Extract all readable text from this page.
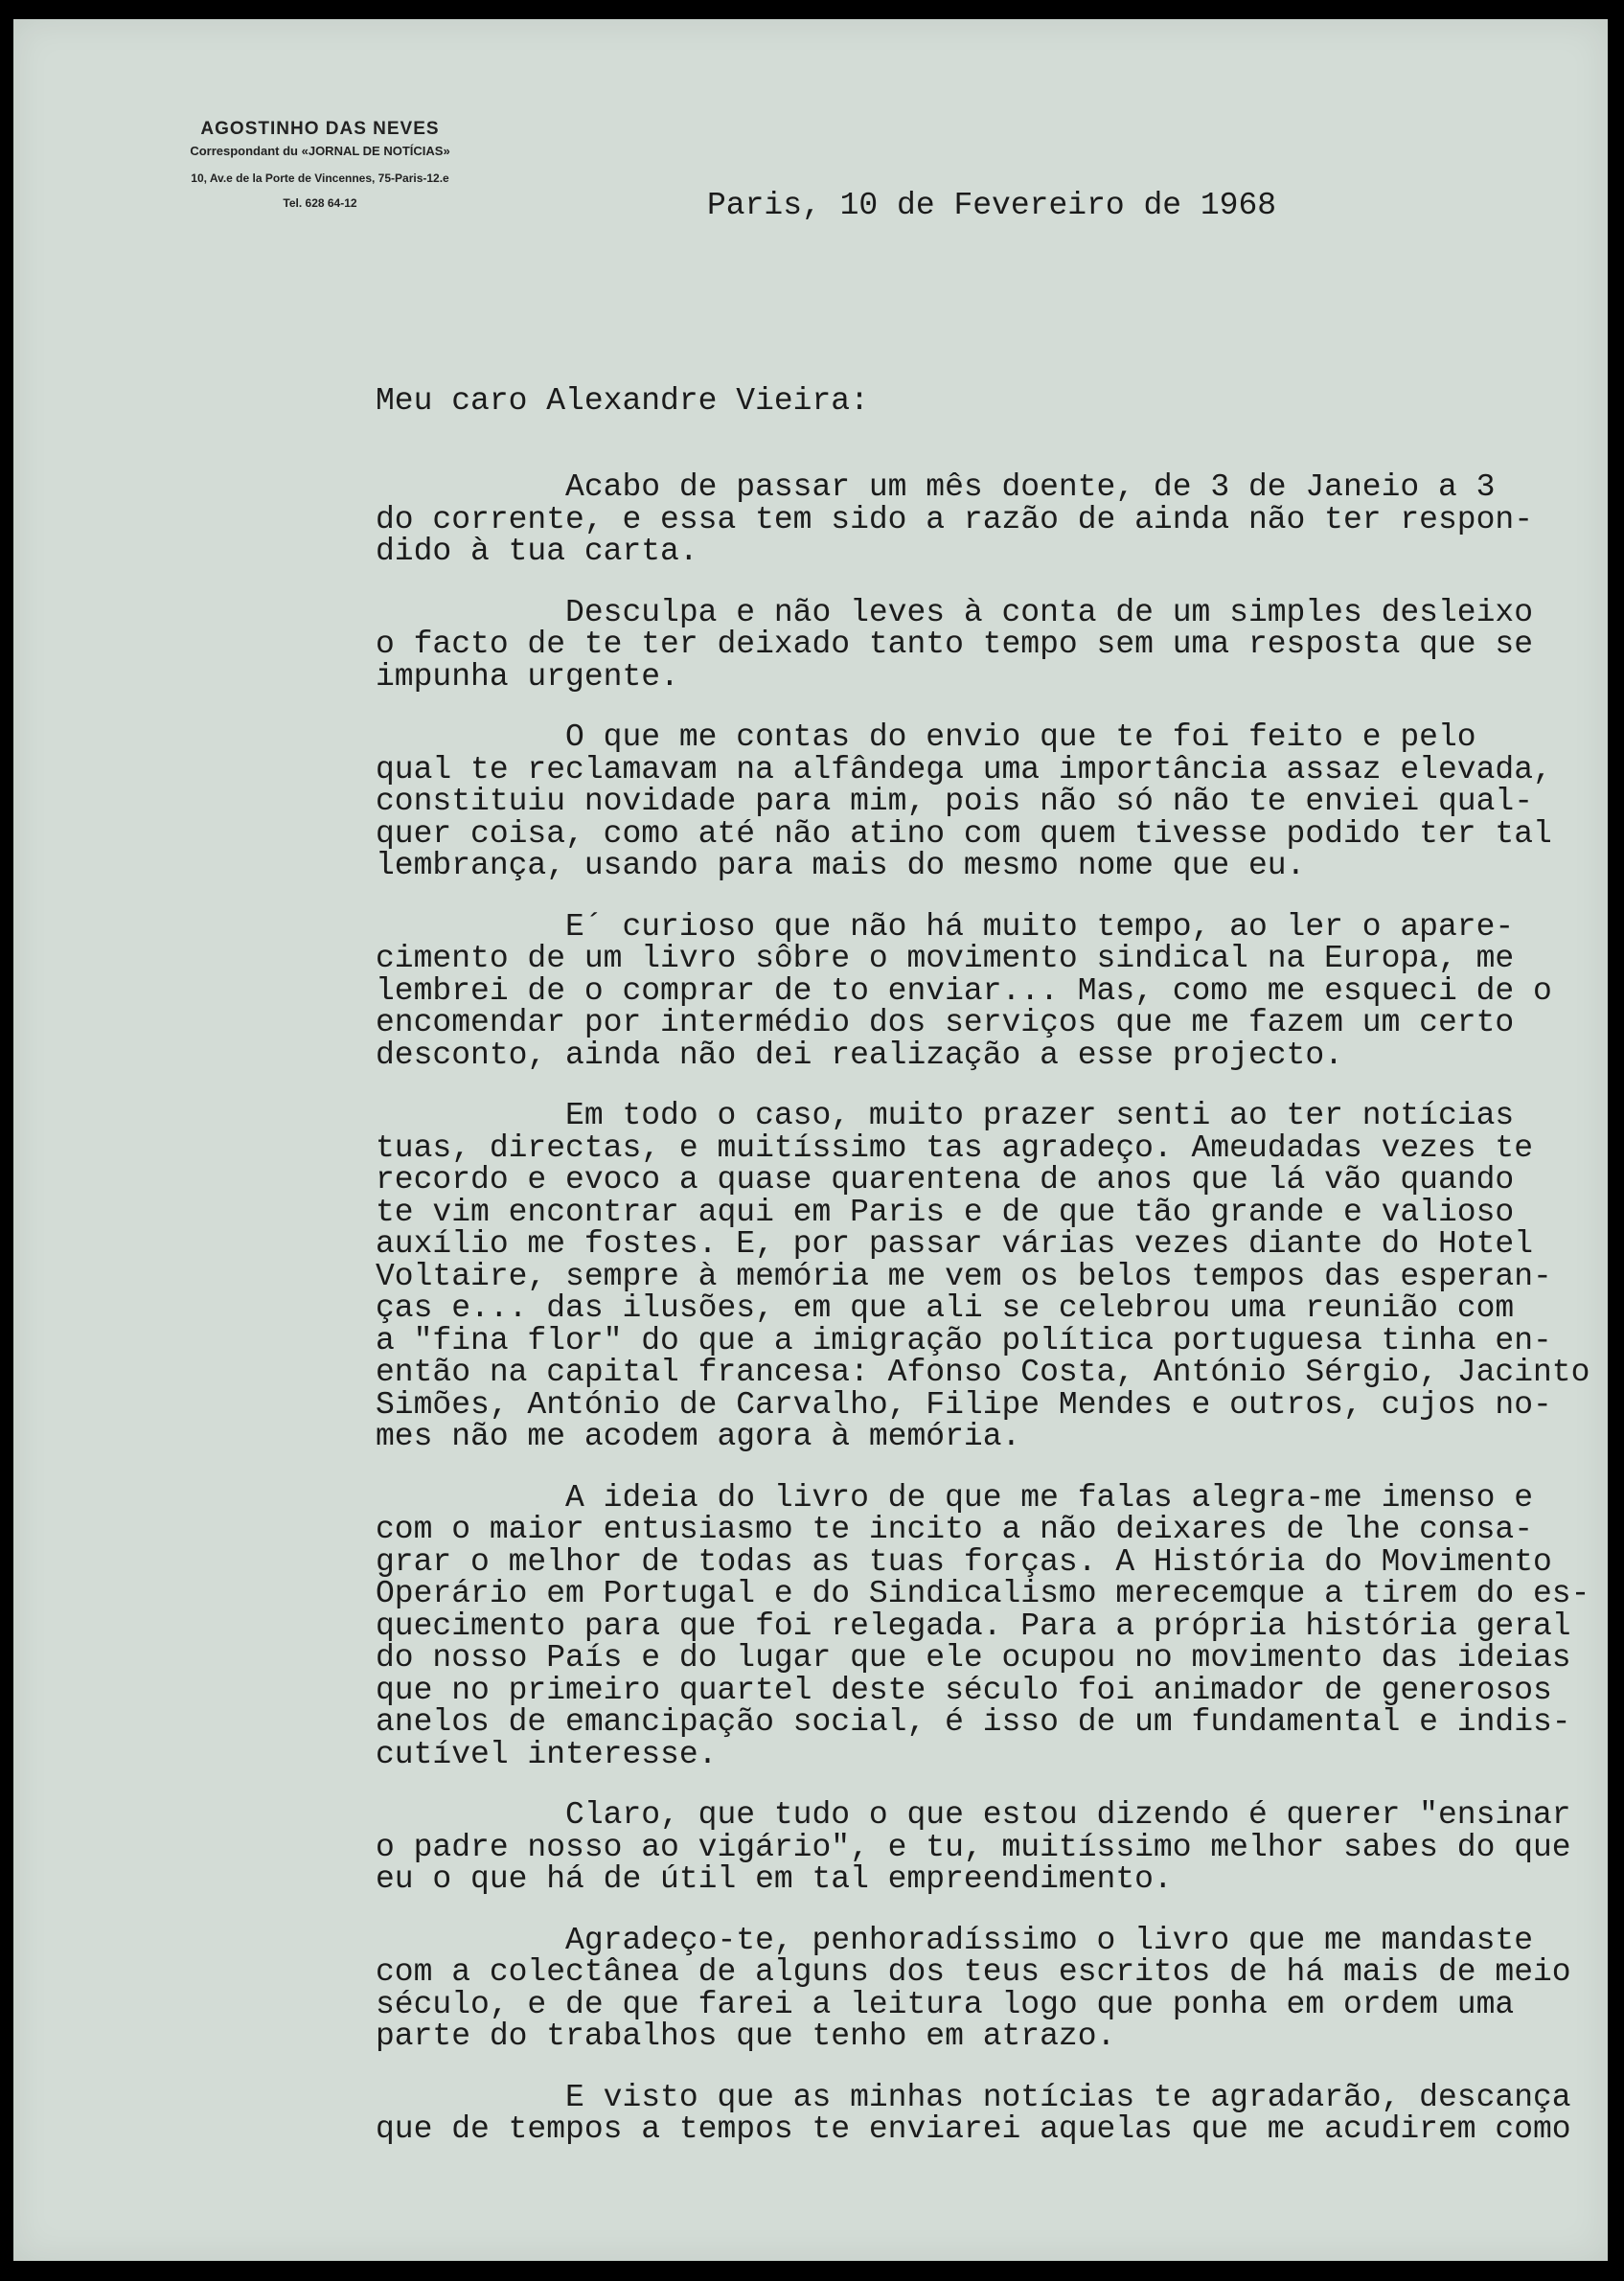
AGOSTINHO DAS NEVES
Correspondant du «JORNAL DE NOTÍCIAS»
10, Av.e de la Porte de Vincennes, 75-Paris-12.e
Tel. 628 64-12	Paris, 10 de Fevereiro de 1968
Meu caro Alexandre Vieira:
Acabo de passar um mês doente, de 3 de Janeio a 3
do corrente, e essa tem sido a razão de ainda não ter respon-
dido à tua carta.
Desculpa e não leves à conta de um simples desleixo
o facto de te ter deixado tanto tempo sem uma resposta que se
impunha urgente.
O que me contas do envio que te foi feito e pelo
qual te reclamavam na alfândega uma importância assaz elevada,
constituiu novidade para mim, pois não só não te enviei qual-
quer coisa, como até não atino com quem tivesse podido ter tal
lembrança, usando para mais do mesmo nome que eu.
E´ curioso que não há muito tempo, ao ler o apare-
cimento de um livro sôbre o movimento sindical na Europa, me
lembrei de o comprar de to enviar... Mas, como me esqueci de o
encomendar por intermédio dos serviços que me fazem um certo
desconto, ainda não dei realização a esse projecto.
Em todo o caso, muito prazer senti ao ter notícias
tuas, directas, e muitíssimo tas agradeço. Ameudadas vezes te
recordo e evoco a quase quarentena de anos que lá vão quando
te vim encontrar aqui em Paris e de que tão grande e valioso
auxílio me fostes. E, por passar várias vezes diante do Hotel
Voltaire, sempre à memória me vem os belos tempos das esperan-
ças e... das ilusões, em que ali se celebrou uma reunião com
a "fina flor" do que a imigração política portuguesa tinha en-
então na capital francesa: Afonso Costa, António Sérgio, Jacinto
Simões, António de Carvalho, Filipe Mendes e outros, cujos no-
mes não me acodem agora à memória.
A ideia do livro de que me falas alegra-me imenso e
com o maior entusiasmo te incito a não deixares de lhe consa-
grar o melhor de todas as tuas forças. A História do Movimento
Operário em Portugal e do Sindicalismo merecemque a tirem do es-
quecimento para que foi relegada. Para a própria história geral
do nosso País e do lugar que ele ocupou no movimento das ideias
que no primeiro quartel deste século foi animador de generosos
anelos de emancipação social, é isso de um fundamental e indis-
cutível interesse.
Claro, que tudo o que estou dizendo é querer "ensinar
o padre nosso ao vigário", e tu, muitíssimo melhor sabes do que
eu o que há de útil em tal empreendimento.
Agradeço-te, penhoradíssimo o livro que me mandaste
com a colectânea de alguns dos teus escritos de há mais de meio
século, e de que farei a leitura logo que ponha em ordem uma
parte do trabalhos que tenho em atrazo.
E visto que as minhas notícias te agradarão, descança
que de tempos a tempos te enviarei aquelas que me acudirem como
